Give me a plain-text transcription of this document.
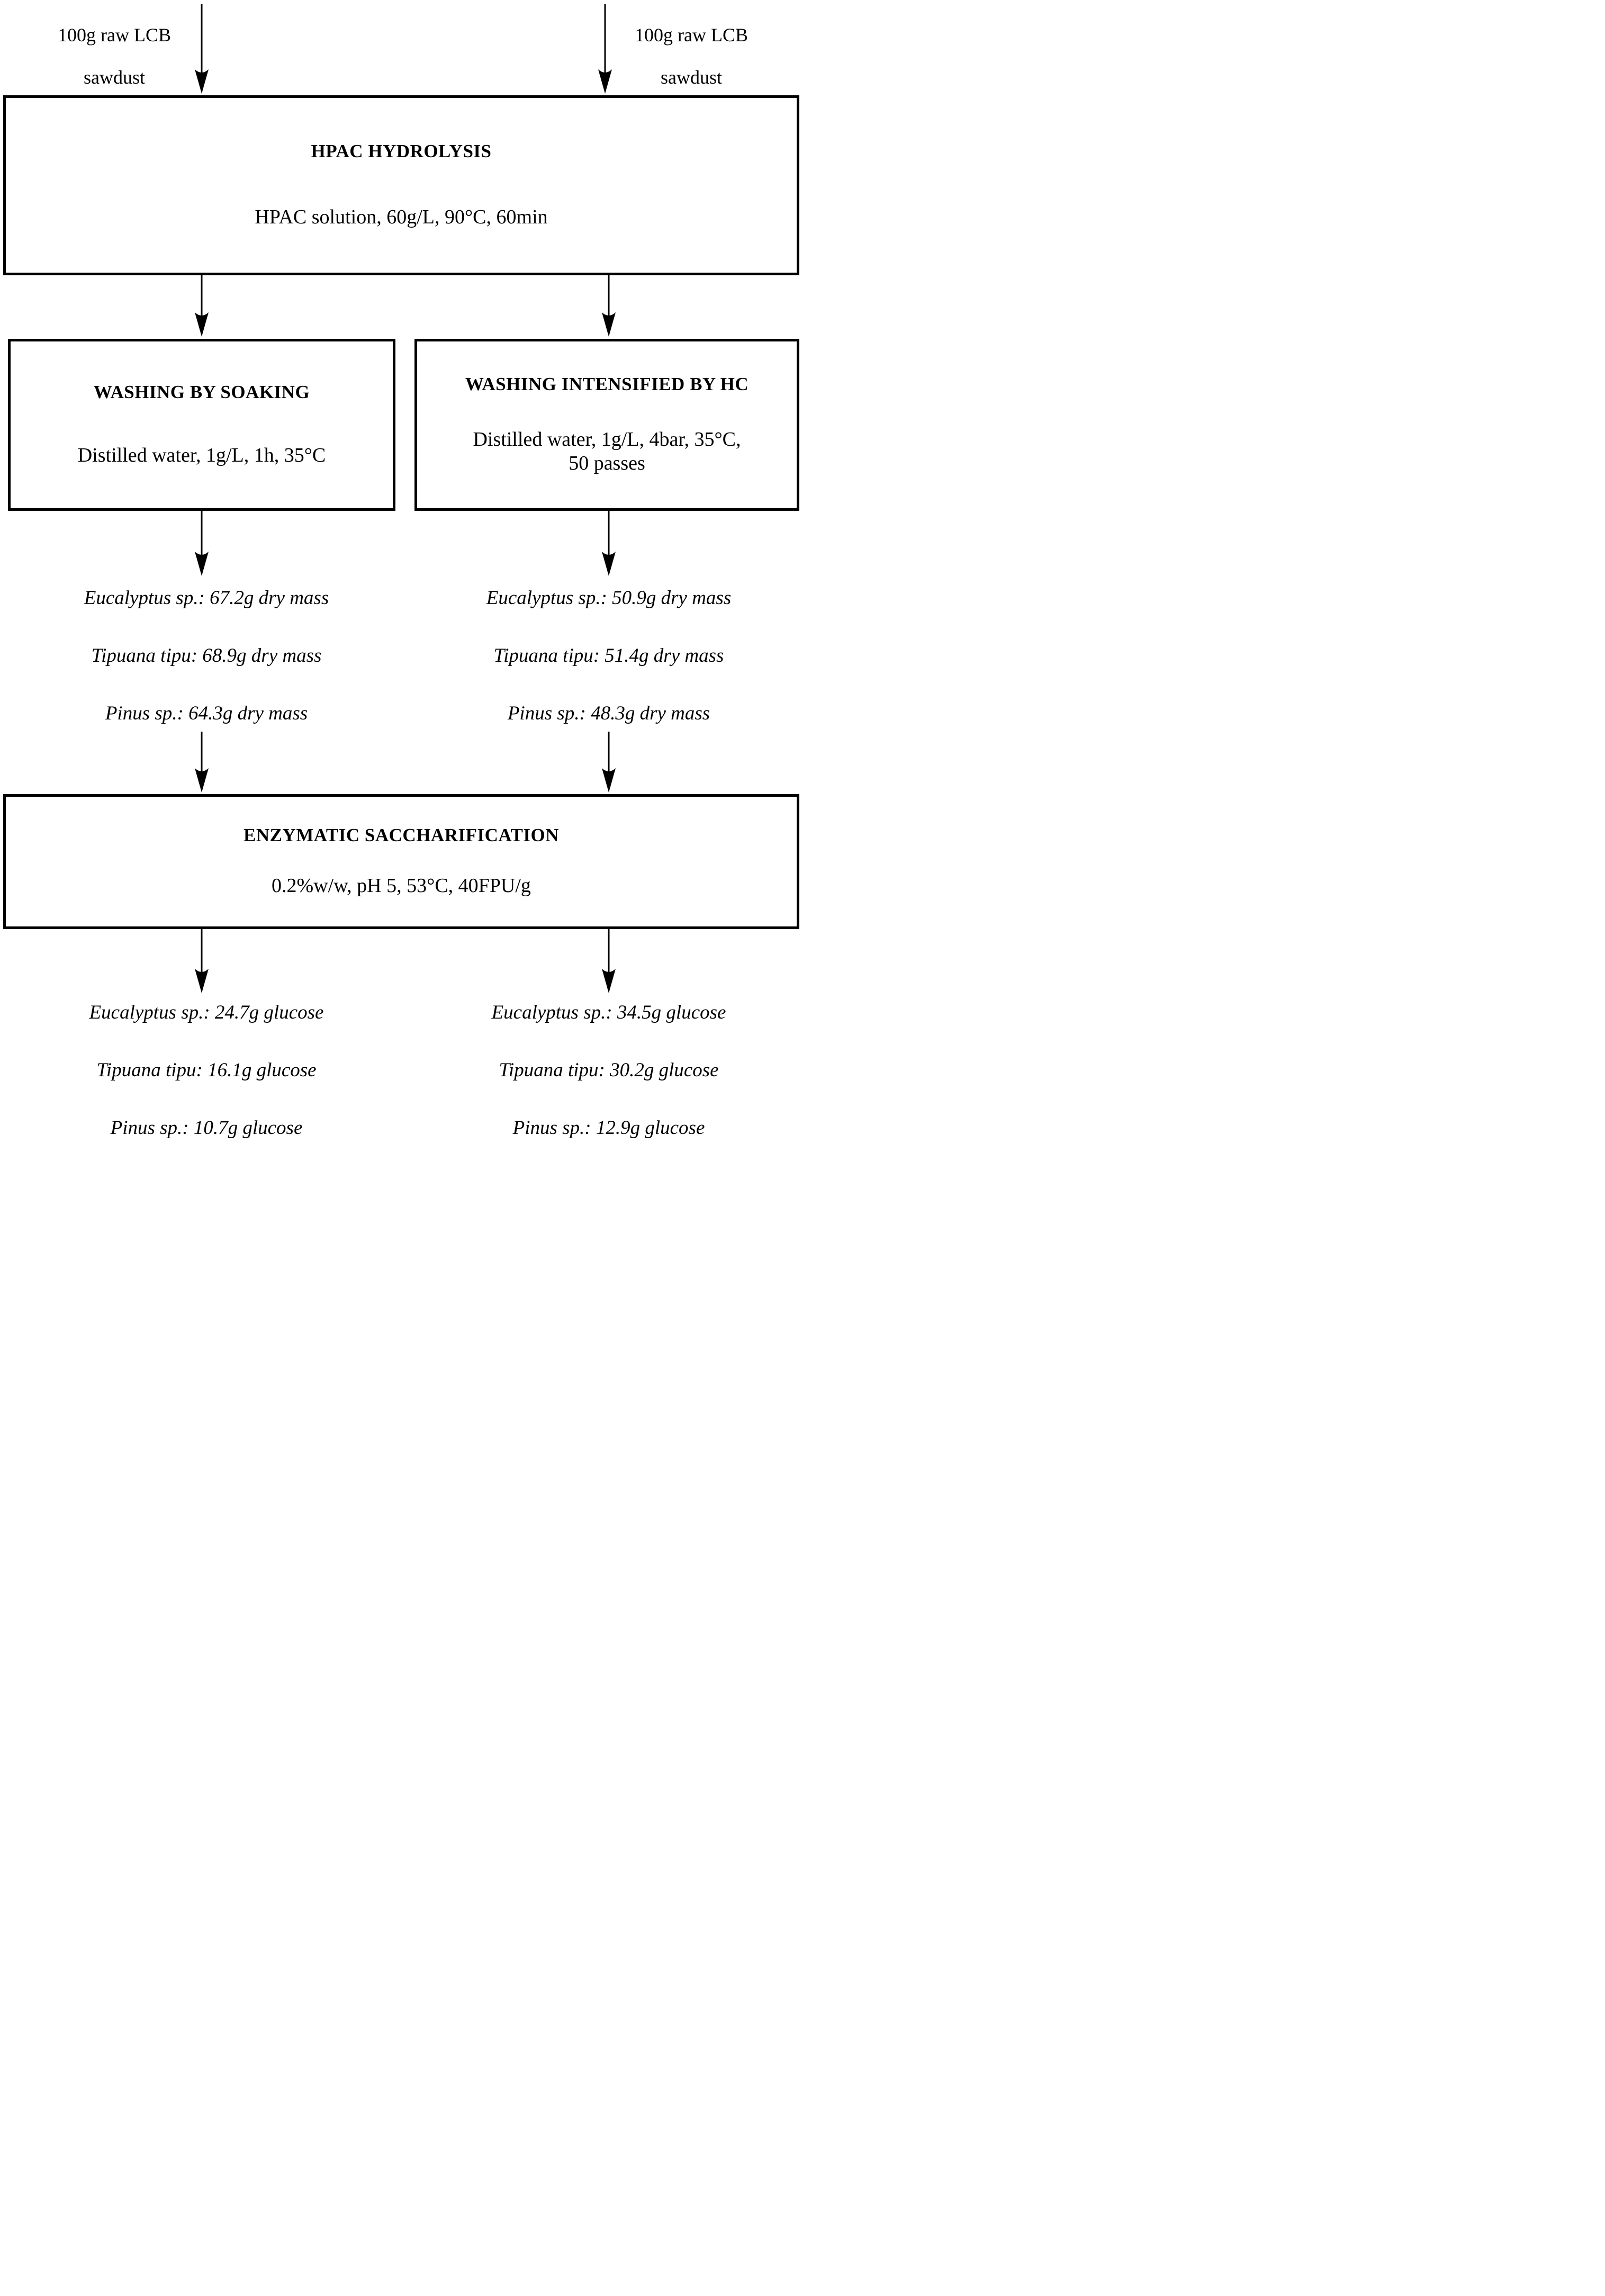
100g raw LCB
sawdust
100g raw LCB
sawdust
HPAC HYDROLYSIS
HPAC solution, 60g/L, 90°C, 60min
WASHING BY SOAKING
Distilled water, 1g/L, 1h, 35°C
WASHING INTENSIFIED BY HC
Distilled water, 1g/L, 4bar, 35°C,
50 passes
Eucalyptus sp.: 67.2g dry mass
Tipuana tipu: 68.9g dry mass
Pinus sp.: 64.3g dry mass
Eucalyptus sp.: 50.9g dry mass
Tipuana tipu: 51.4g dry mass
Pinus sp.: 48.3g dry mass
ENZYMATIC SACCHARIFICATION
0.2%w/w, pH 5, 53°C, 40FPU/g
Eucalyptus sp.: 24.7g glucose
Tipuana tipu: 16.1g glucose
Pinus sp.: 10.7g glucose
Eucalyptus sp.: 34.5g glucose
Tipuana tipu: 30.2g glucose
Pinus sp.: 12.9g glucose
